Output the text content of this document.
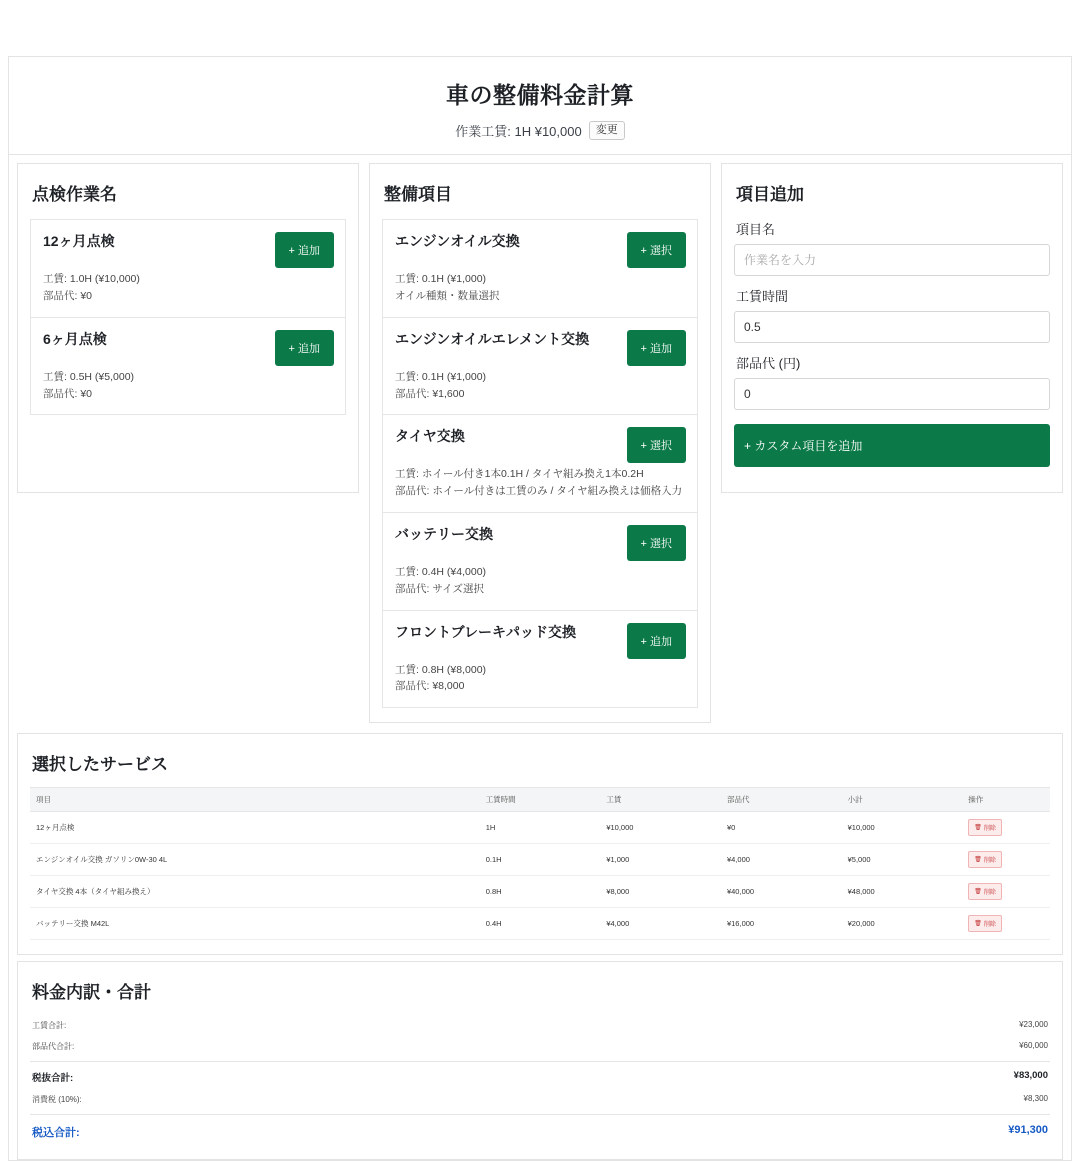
車の整備料金計算
作業工賃: 1H ¥10,000	変更
点検作業名
12ヶ月点検
工賃: 1.0H (¥10,000)
部品代: ¥0
+ 追加
6ヶ月点検
工賃: 0.5H (¥5,000)
部品代: ¥0
+ 追加
整備項目
エンジンオイル交換
工賃: 0.1H (¥1,000)
オイル種類・数量選択
+ 選択
エンジンオイルエレメント交換
工賃: 0.1H (¥1,000)
部品代: ¥1,600
+ 追加
タイヤ交換
工賃: ホイール付き1本0.1H / タイヤ組み換え1本0.2H
部品代: ホイール付きは工賃のみ / タイヤ組み換えは価格入力
+ 選択
バッテリー交換
工賃: 0.4H (¥4,000)
部品代: サイズ選択
+ 選択
フロントブレーキパッド交換
工賃: 0.8H (¥8,000)
部品代: ¥8,000
+ 追加
項目追加
項目名
作業名を入力
工賃時間
0.5
部品代 (円)
0 + カスタム項目を追加
選択したサービス
項目	工賃時間	工賃	部品代	小計	操作
12ヶ月点検	1H	¥10,000	¥0	¥10,000	🗑 削除

エンジンオイル交換 ガソリン0W-30 4L	0.1H	¥1,000	¥4,000	¥5,000	🗑 削除

タイヤ交換 4本（タイヤ組み換え）	0.8H	¥8,000	¥40,000	¥48,000	🗑 削除

バッテリー交換 M42L	0.4H	¥4,000	¥16,000	¥20,000	🗑 削除
料金内訳・合計
工賃合計:	¥23,000
部品代合計:	¥60,000
税抜合計:	¥83,000
消費税 (10%):	¥8,300
税込合計:	¥91,300
